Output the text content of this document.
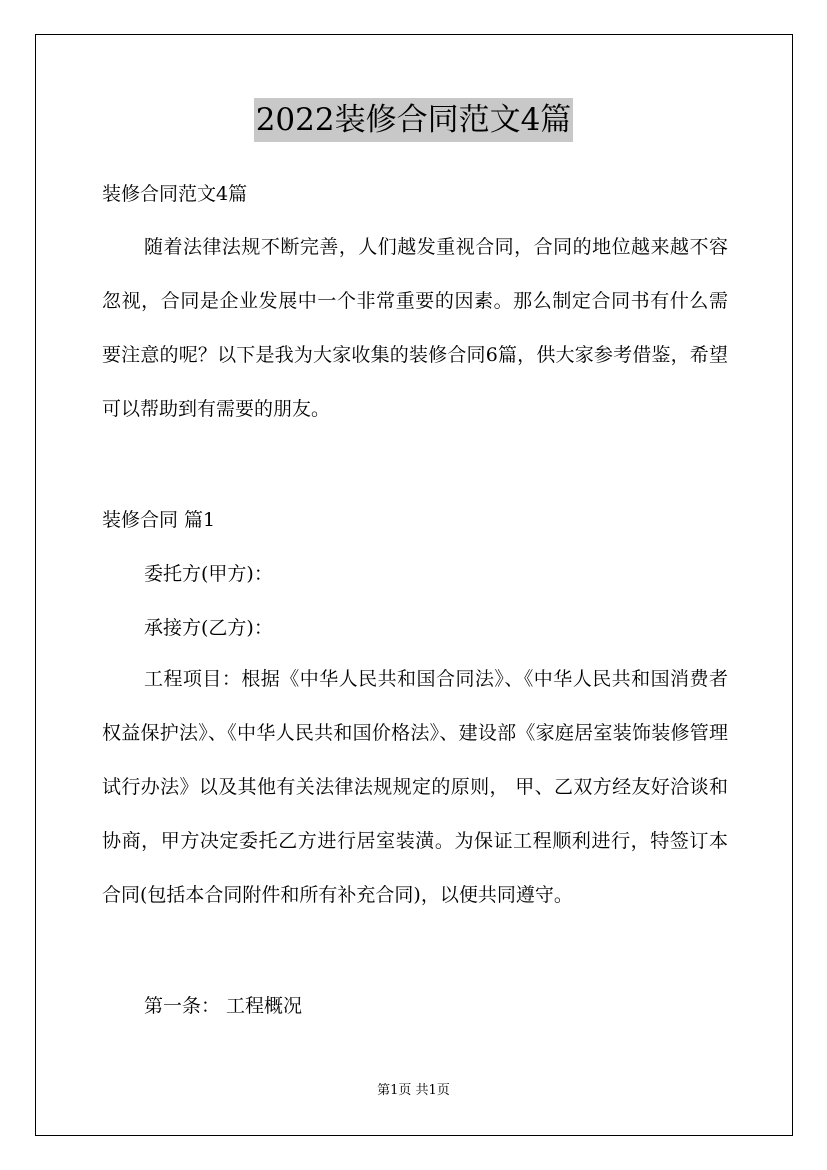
2022装修合同范文4篇
装修合同范文4篇
随着法律法规不断完善，人们越发重视合同，合同的地位越来越不容忽视，合同是企业发展中一个非常重要的因素。那么制定合同书有什么需要注意的呢？以下是我为大家收集的装修合同6篇，供大家参考借鉴，希望可以帮助到有需要的朋友。
装修合同 篇1
委托方(甲方)：
承接方(乙方)：
工程项目：根据《中华人民共和国合同法》、《中华人民共和国消费者权益保护法》、《中华人民共和国价格法》、建设部《家庭居室装饰装修管理试行办法》以及其他有关法律法规规定的原则， 甲、乙双方经友好洽谈和协商，甲方决定委托乙方进行居室装潢。为保证工程顺利进行，特签订本合同(包括本合同附件和所有补充合同)，以便共同遵守。
第一条： 工程概况
第1页 共1页
